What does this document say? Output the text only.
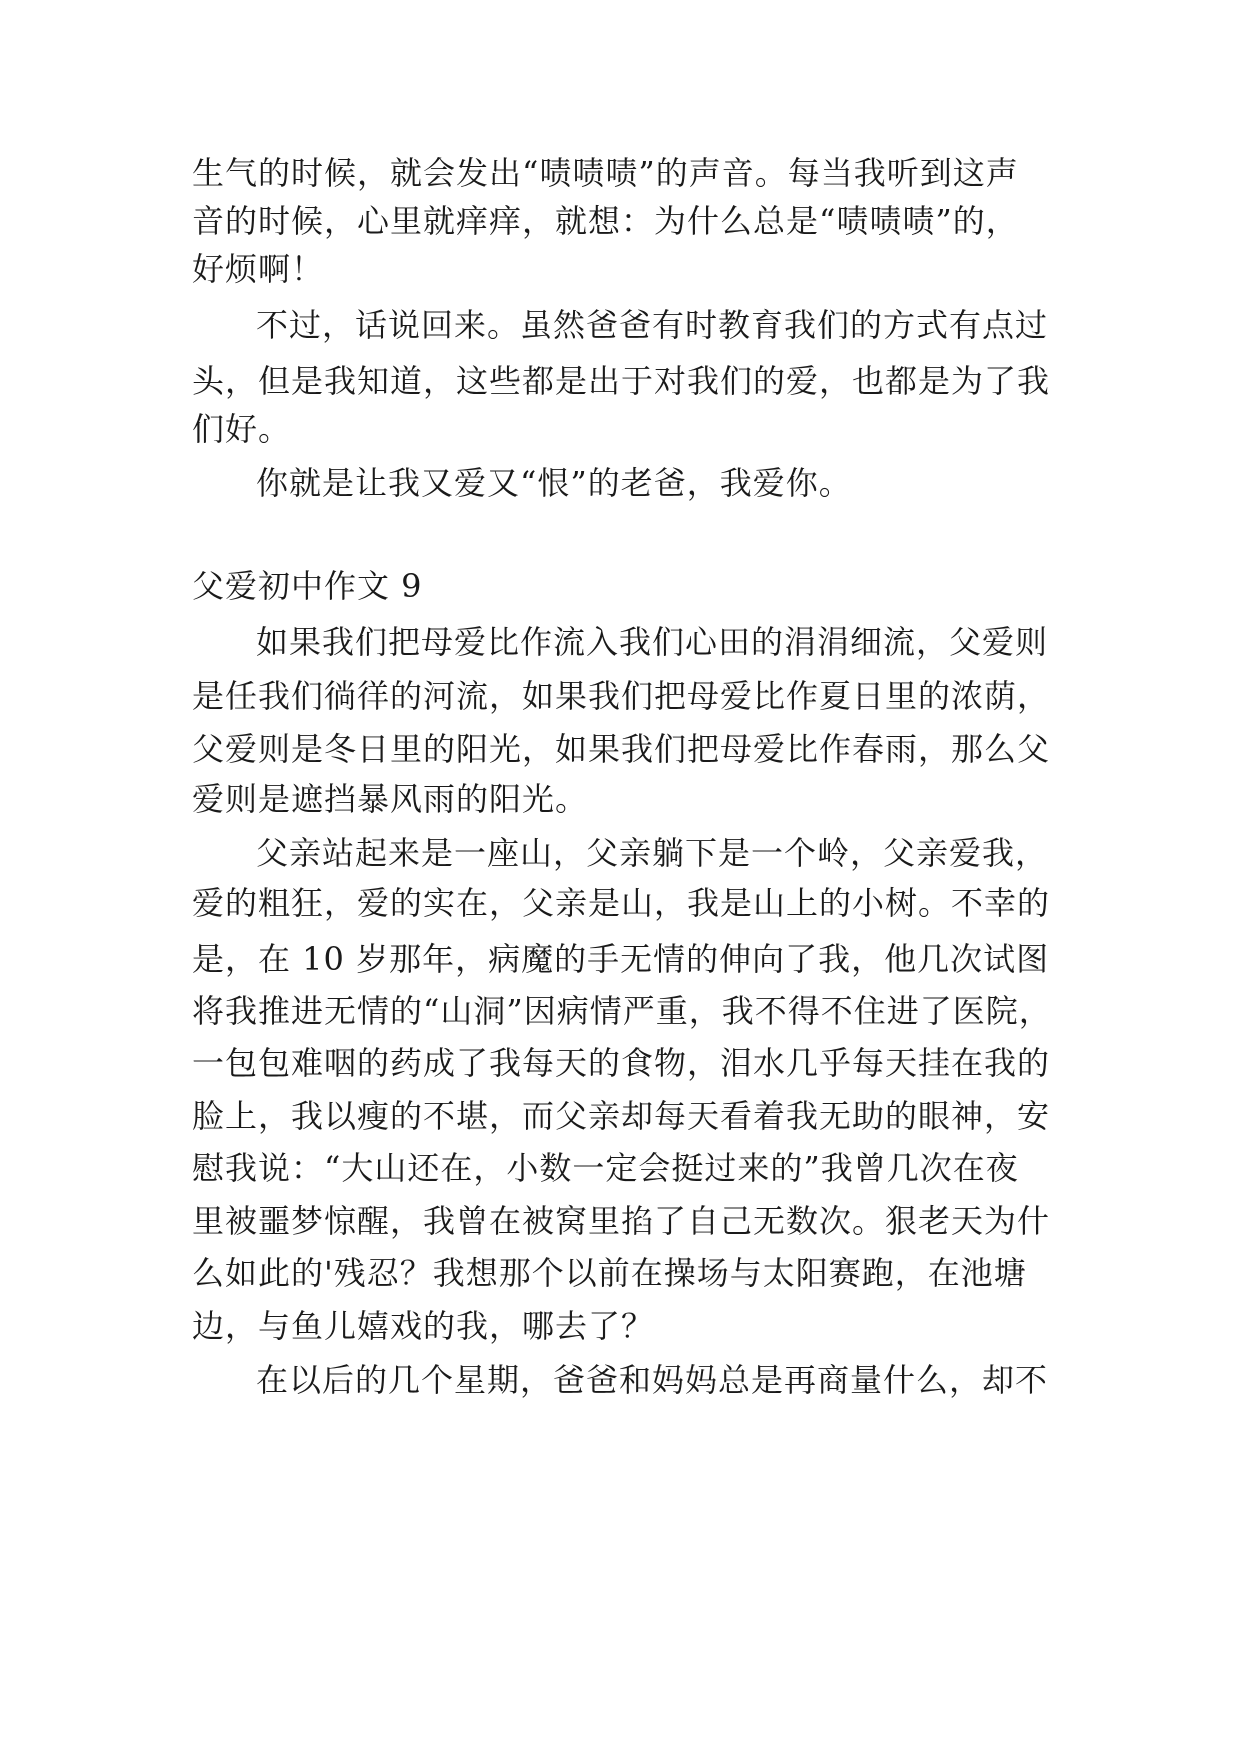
生气的时候，就会发出“啧啧啧”的声音。每当我听到这声
音的时候，心里就痒痒，就想：为什么总是“啧啧啧”的，
好烦啊！
不过，话说回来。虽然爸爸有时教育我们的方式有点过
头，但是我知道，这些都是出于对我们的爱，也都是为了我
们好。
你就是让我又爱又“恨”的老爸，我爱你。
父爱初中作文 9
如果我们把母爱比作流入我们心田的涓涓细流，父爱则
是任我们徜徉的河流，如果我们把母爱比作夏日里的浓荫，
父爱则是冬日里的阳光，如果我们把母爱比作春雨，那么父
爱则是遮挡暴风雨的阳光。
父亲站起来是一座山，父亲躺下是一个岭，父亲爱我，
爱的粗狂，爱的实在，父亲是山，我是山上的小树。不幸的
是，在 10 岁那年，病魔的手无情的伸向了我，他几次试图
将我推进无情的“山洞”因病情严重，我不得不住进了医院，
一包包难咽的药成了我每天的食物，泪水几乎每天挂在我的
脸上，我以瘦的不堪，而父亲却每天看着我无助的眼神，安
慰我说：“大山还在，小数一定会挺过来的”我曾几次在夜
里被噩梦惊醒，我曾在被窝里掐了自己无数次。狠老天为什
么如此的'残忍？我想那个以前在操场与太阳赛跑，在池塘
边，与鱼儿嬉戏的我，哪去了？
在以后的几个星期，爸爸和妈妈总是再商量什么，却不
